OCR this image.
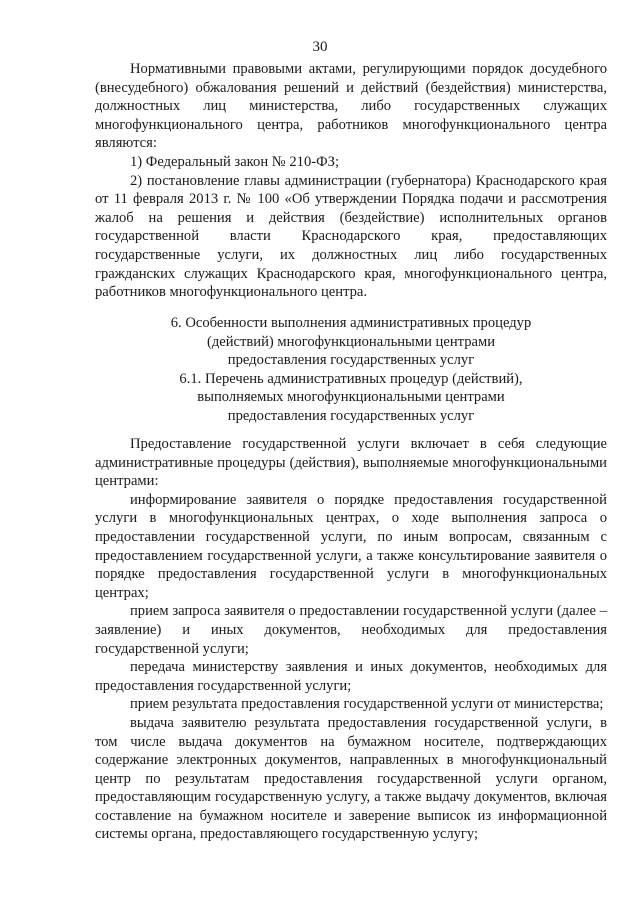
30

Нормативными правовыми актами, регулирующими порядок досудебного (внесудебного) обжалования решений и действий (бездействия) министерства, должностных лиц министерства, либо государственных служащих многофункционального центра, работников многофункционального центра являются:

1) Федеральный закон № 210-ФЗ;

2) постановление главы администрации (губернатора) Краснодарского края от 11 февраля 2013 г. № 100 «Об утверждении Порядка подачи и рассмотрения жалоб на решения и действия (бездействие) исполнительных органов государственной власти Краснодарского края, предоставляющих государственные услуги, их должностных лиц либо государственных гражданских служащих Краснодарского края, многофункционального центра, работников многофункционального центра.

6. Особенности выполнения административных процедур
(действий) многофункциональными центрами
предоставления государственных услуг
6.1. Перечень административных процедур (действий),
выполняемых многофункциональными центрами
предоставления государственных услуг

Предоставление государственной услуги включает в себя следующие административные процедуры (действия), выполняемые многофункциональными центрами:

информирование заявителя о порядке предоставления государственной услуги в многофункциональных центрах, о ходе выполнения запроса о предоставлении государственной услуги, по иным вопросам, связанным с предоставлением государственной услуги, а также консультирование заявителя о порядке предоставления государственной услуги в многофункциональных центрах;

прием запроса заявителя о предоставлении государственной услуги (далее – заявление) и иных документов, необходимых для предоставления государственной услуги;

передача министерству заявления и иных документов, необходимых для предоставления государственной услуги;

прием результата предоставления государственной услуги от министерства;

выдача заявителю результата предоставления государственной услуги, в том числе выдача документов на бумажном носителе, подтверждающих содержание электронных документов, направленных в многофункциональный центр по результатам предоставления государственной услуги органом, предоставляющим государственную услугу, а также выдачу документов, включая составление на бумажном носителе и заверение выписок из информационной системы органа, предоставляющего государственную услугу;
